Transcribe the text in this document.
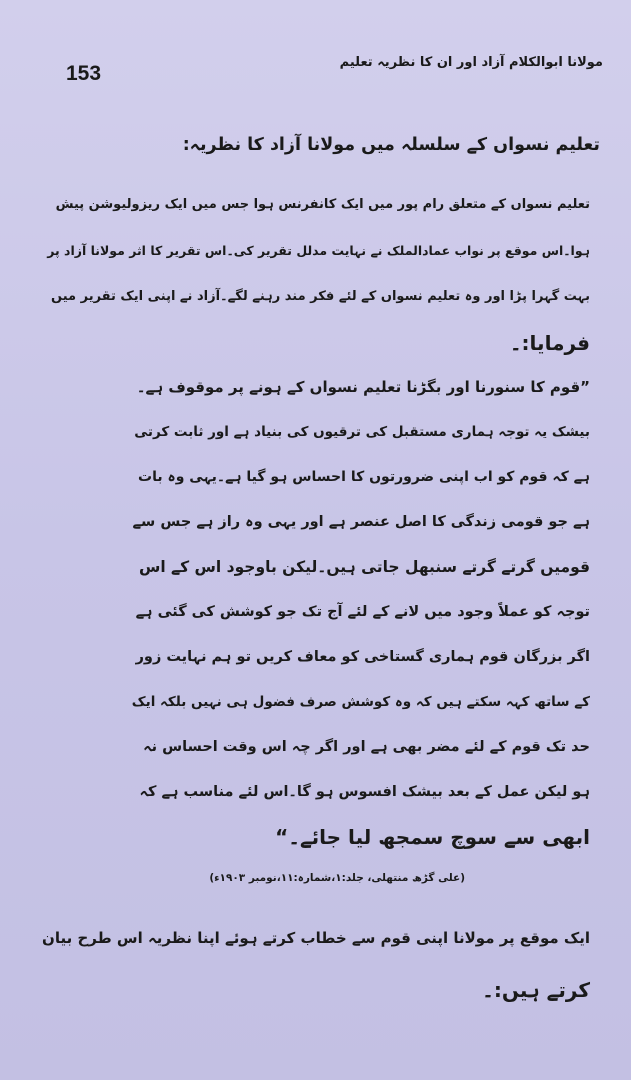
مولانا ابوالکلام آزاد اور ان کا نظریہ تعلیم
153
تعلیم نسواں کے سلسلہ میں مولانا آزاد کا نظریہ:
تعلیم نسواں کے متعلق رام پور میں ایک کانفرنس ہوا جس میں ایک ریزولیوشن پیش
ہوا۔اس موقع پر نواب عمادالملک نے نہایت مدلل تقریر کی۔اس تقریر کا اثر مولانا آزاد پر
بہت گہرا پڑا اور وہ تعلیم نسواں کے لئے فکر مند رہنے لگے۔آزاد نے اپنی ایک تقریر میں
فرمایا:۔
”قوم کا سنورنا اور بگڑنا تعلیم نسواں کے ہونے پر موقوف ہے۔
بیشک یہ توجہ ہماری مستقبل کی ترقیوں کی بنیاد ہے اور ثابت کرتی
ہے کہ قوم کو اب اپنی ضرورتوں کا احساس ہو گیا ہے۔یہی وہ بات
ہے جو قومی زندگی کا اصل عنصر ہے اور یہی وہ راز ہے جس سے
قومیں گرتے گرتے سنبھل جاتی ہیں۔لیکن باوجود اس کے اس
توجہ کو عملاً وجود میں لانے کے لئے آج تک جو کوشش کی گئی ہے
اگر بزرگان قوم ہماری گستاخی کو معاف کریں تو ہم نہایت زور
کے ساتھ کہہ سکتے ہیں کہ وہ کوشش صرف فضول ہی نہیں بلکہ ایک
حد تک قوم کے لئے مضر بھی ہے اور اگر چہ اس وقت احساس نہ
ہو لیکن عمل کے بعد بیشک افسوس ہو گا۔اس لئے مناسب ہے کہ
ابھی سے سوچ سمجھ لیا جائے۔“
(علی گڑھ منتھلی، جلد:۱،شمارہ:۱۱،نومبر ۱۹۰۳ء)
ایک موقع پر مولانا اپنی قوم سے خطاب کرتے ہوئے اپنا نظریہ اس طرح بیان
کرتے ہیں:۔
